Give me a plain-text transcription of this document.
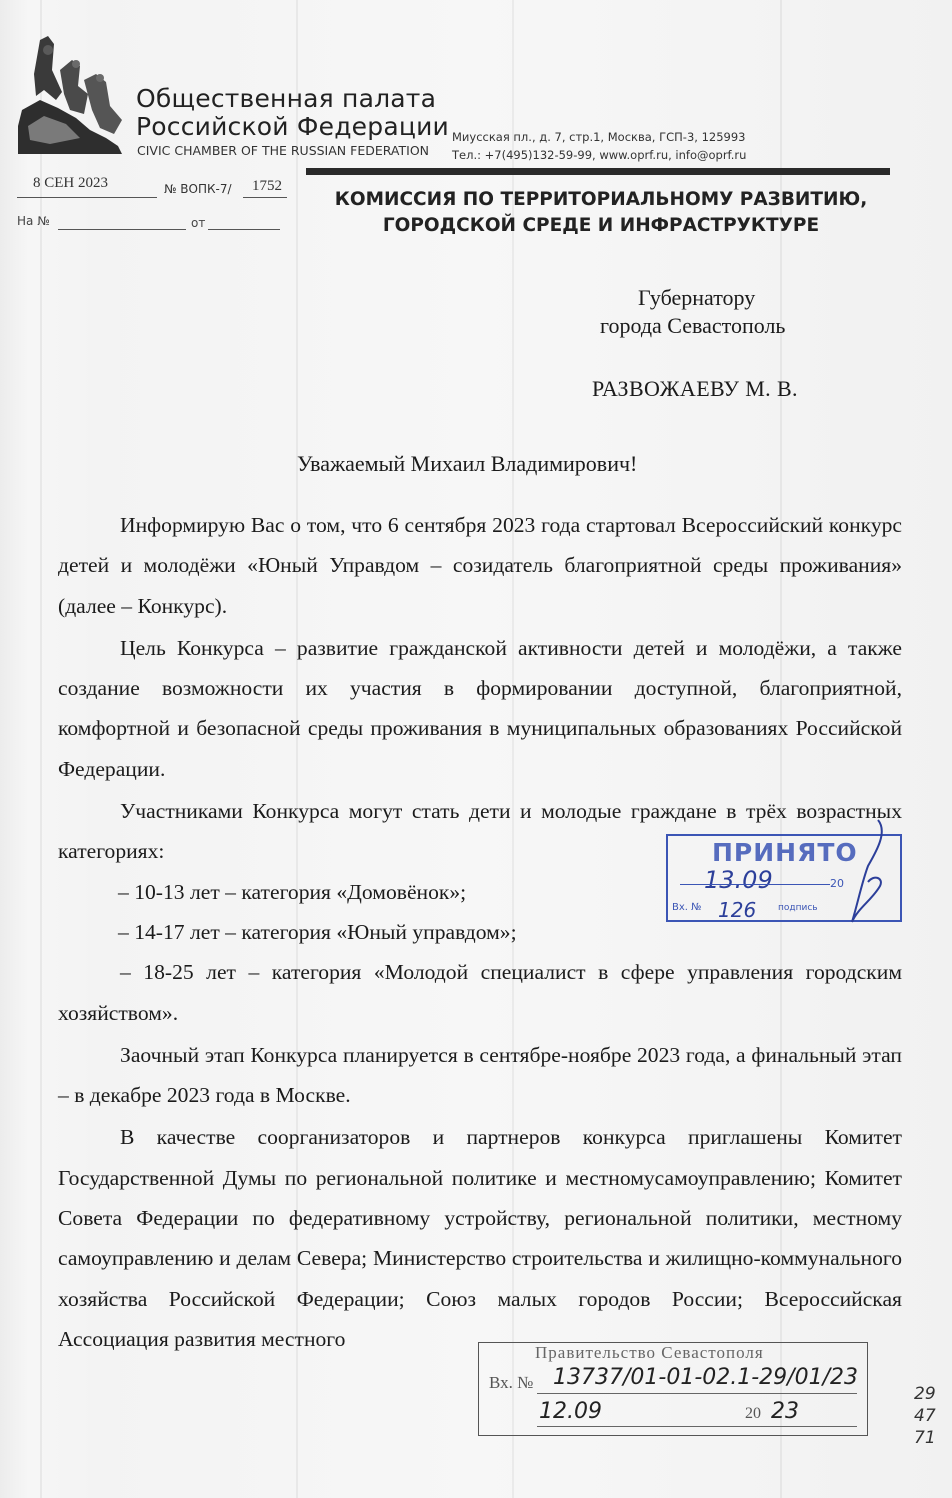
Общественная палата
Российской Федерации
CIVIC CHAMBER OF THE RUSSIAN FEDERATION
Миусская пл., д. 7, стр.1, Москва, ГСП-3, 125993
Тел.: +7(495)132-59-99, www.oprf.ru, info@oprf.ru
8 СЕН 2023	№ ВОПК-7/ 1752
На №	от
КОМИССИЯ ПО ТЕРРИТОРИАЛЬНОМУ РАЗВИТИЮ,
ГОРОДСКОЙ СРЕДЕ И ИНФРАСТРУКТУРЕ
Губернатору
города Севастополь
РАЗВОЖАЕВУ М. В.
Уважаемый Михаил Владимирович!

Информирую Вас о том, что 6 сентября 2023 года стартовал Всероссийский конкурс детей и молодёжи «Юный Управдом – созидатель благоприятной среды проживания» (далее – Конкурс).

Цель Конкурса – развитие гражданской активности детей и молодёжи, а также создание возможности их участия в формировании доступной, благоприятной, комфортной и безопасной среды проживания в муниципальных образованиях Российской Федерации.

Участниками Конкурса могут стать дети и молодые граждане в трёх возрастных категориях:

– 10-13 лет – категория «Домовёнок»;

– 14-17 лет – категория «Юный управдом»;

– 18-25 лет – категория «Молодой специалист в сфере управления городским хозяйством».

Заочный этап Конкурса планируется в сентябре-ноябре 2023 года, а финальный этап – в декабре 2023 года в Москве.

В качестве соорганизаторов и партнеров конкурса приглашены Комитет Государственной Думы по региональной политике и местномусамоуправлению; Комитет Совета Федерации по федеративному устройству, региональной политики, местному самоуправлению и делам Севера; Министерство строительства и жилищно-коммунального хозяйства Российской Федерации; Союз малых городов России; Всероссийская Ассоциация развития местного

ПРИНЯТО
13.09	20
Вх. № 126 подпись
Правительство Севастополя
Вх. № 13737/01-01-02.1-29/01/23
12.09	20 23
29
47
71
